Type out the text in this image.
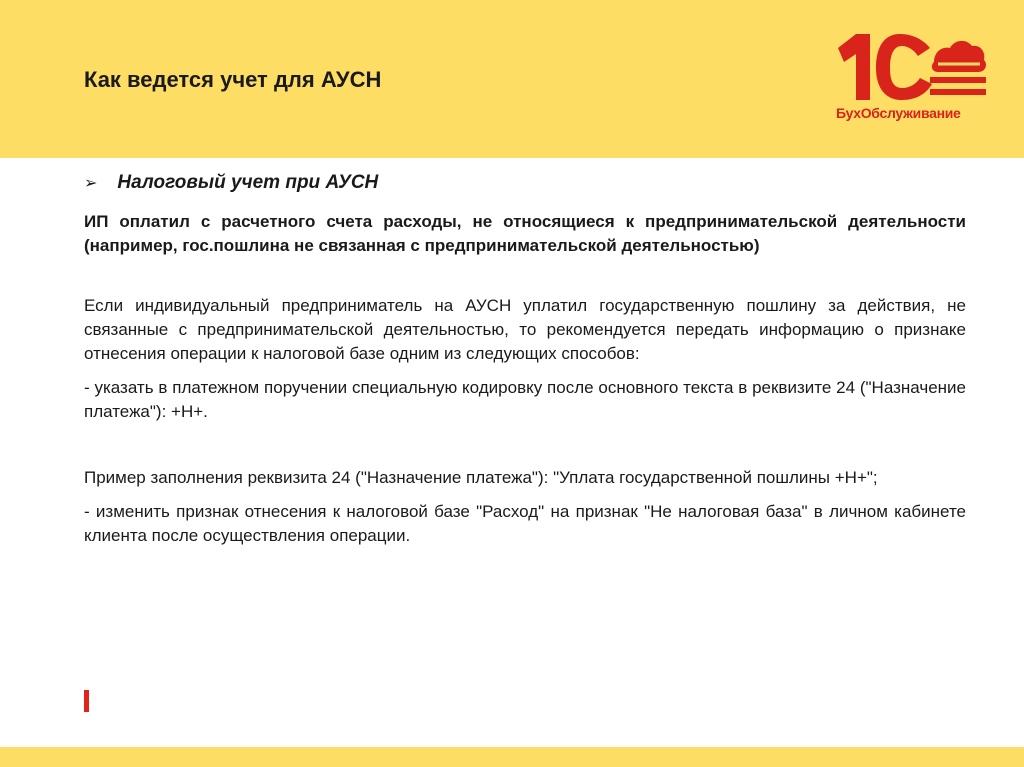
Как ведется учет для АУСН
БухОбслуживание
➢ Налоговый учет при АУСН

ИП оплатил с расчетного счета расходы, не относящиеся к предпринимательской деятельности (например, гос.пошлина не связанная с предпринимательской деятельностью)

Если индивидуальный предприниматель на АУСН уплатил государственную пошлину за действия, не связанные с предпринимательской деятельностью, то рекомендуется передать информацию о признаке отнесения операции к налоговой базе одним из следующих способов:

- указать в платежном поручении специальную кодировку после основного текста в реквизите 24 ("Назначение платежа"): +Н+.

Пример заполнения реквизита 24 ("Назначение платежа"): "Уплата государственной пошлины +Н+";

- изменить признак отнесения к налоговой базе "Расход" на признак "Не налоговая база" в личном кабинете клиента после осуществления операции.
